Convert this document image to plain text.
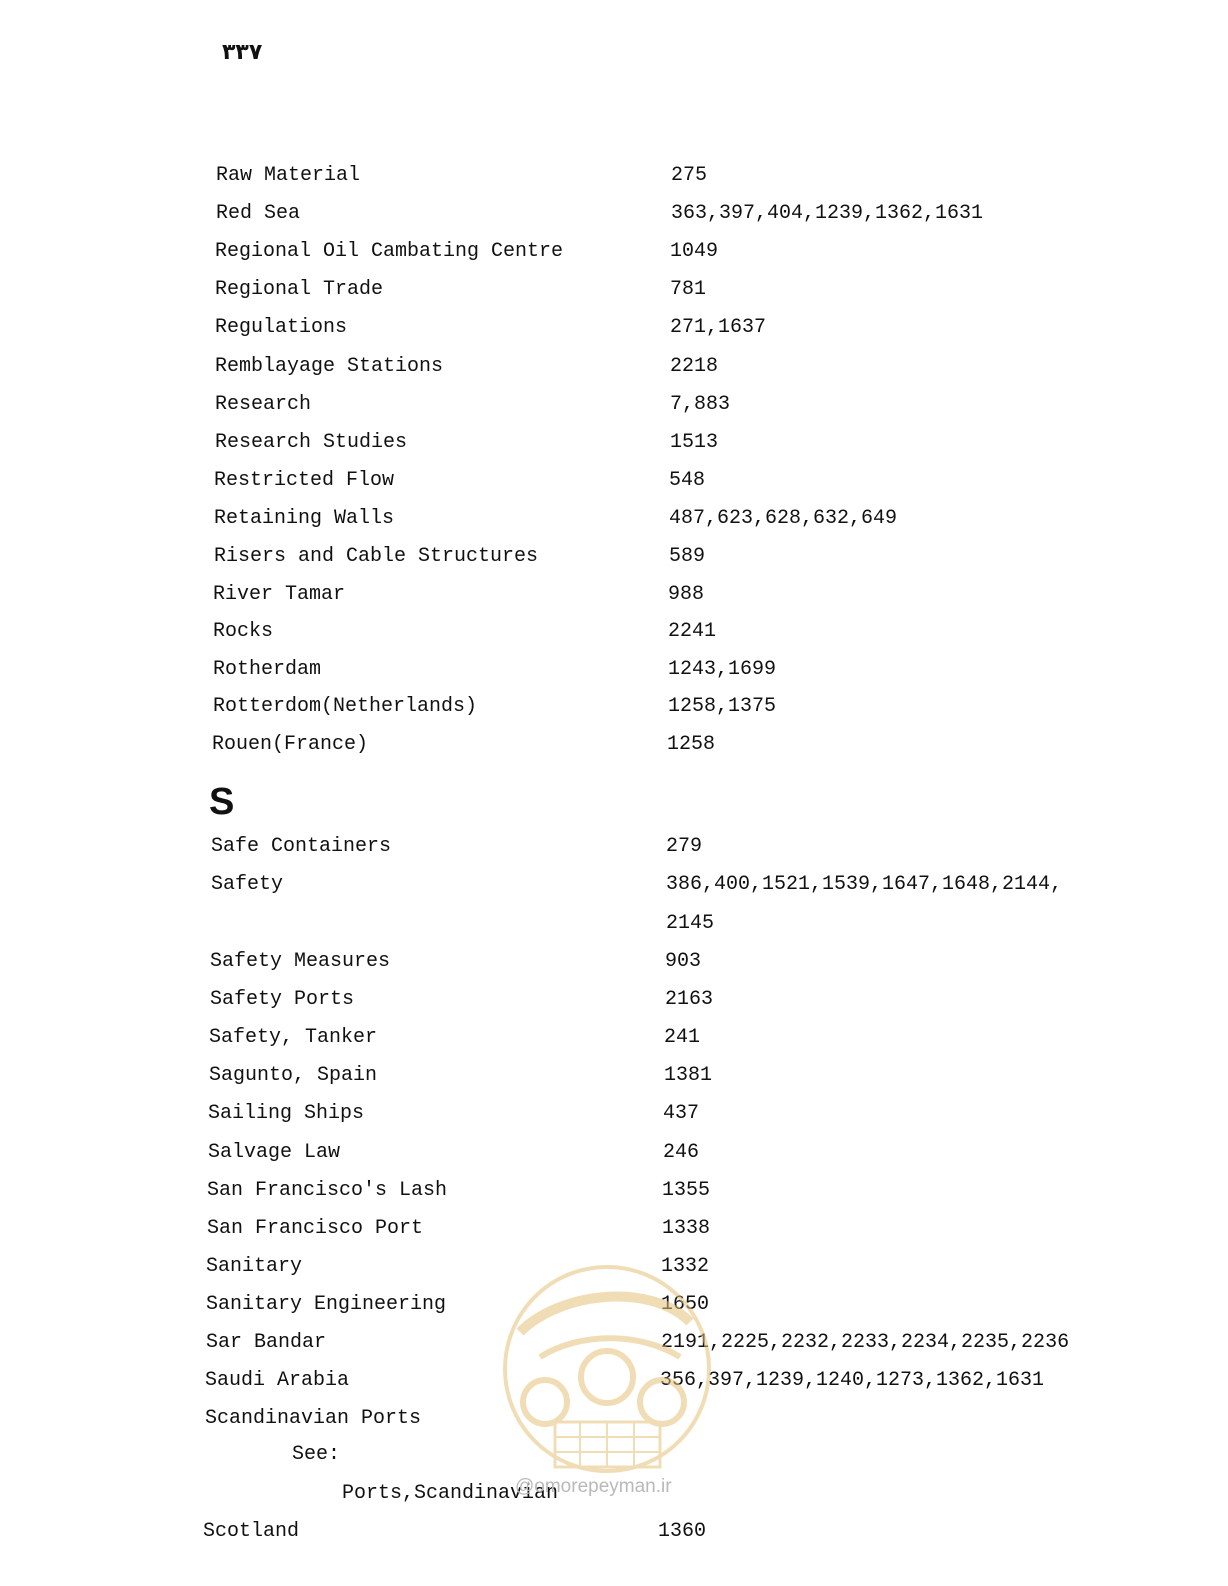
٣٣٧
Raw Material	275
Red Sea	363,397,404,1239,1362,1631
Regional Oil Cambating Centre	1049
Regional Trade	781
Regulations	271,1637
Remblayage Stations	2218
Research	7,883
Research Studies	1513
Restricted Flow	548
Retaining Walls	487,623,628,632,649
Risers and Cable Structures	589
River Tamar	988
Rocks	2241
Rotherdam	1243,1699
Rotterdom(Netherlands)	1258,1375
Rouen(France)	1258
S
Safe Containers	279
Safety	386,400,1521,1539,1647,1648,2144,
2145
Safety Measures	903
Safety Ports	2163
Safety, Tanker	241
Sagunto, Spain	1381
Sailing Ships	437
Salvage Law	246
San Francisco's Lash	1355
San Francisco Port	1338
Sanitary	1332
Sanitary Engineering	1650
Sar Bandar	2191,2225,2232,2233,2234,2235,2236
Saudi Arabia	356,397,1239,1240,1273,1362,1631
Scandinavian Ports
See:
Ports,Scandinavian
Scotland	1360
@omorepeyman.ir
